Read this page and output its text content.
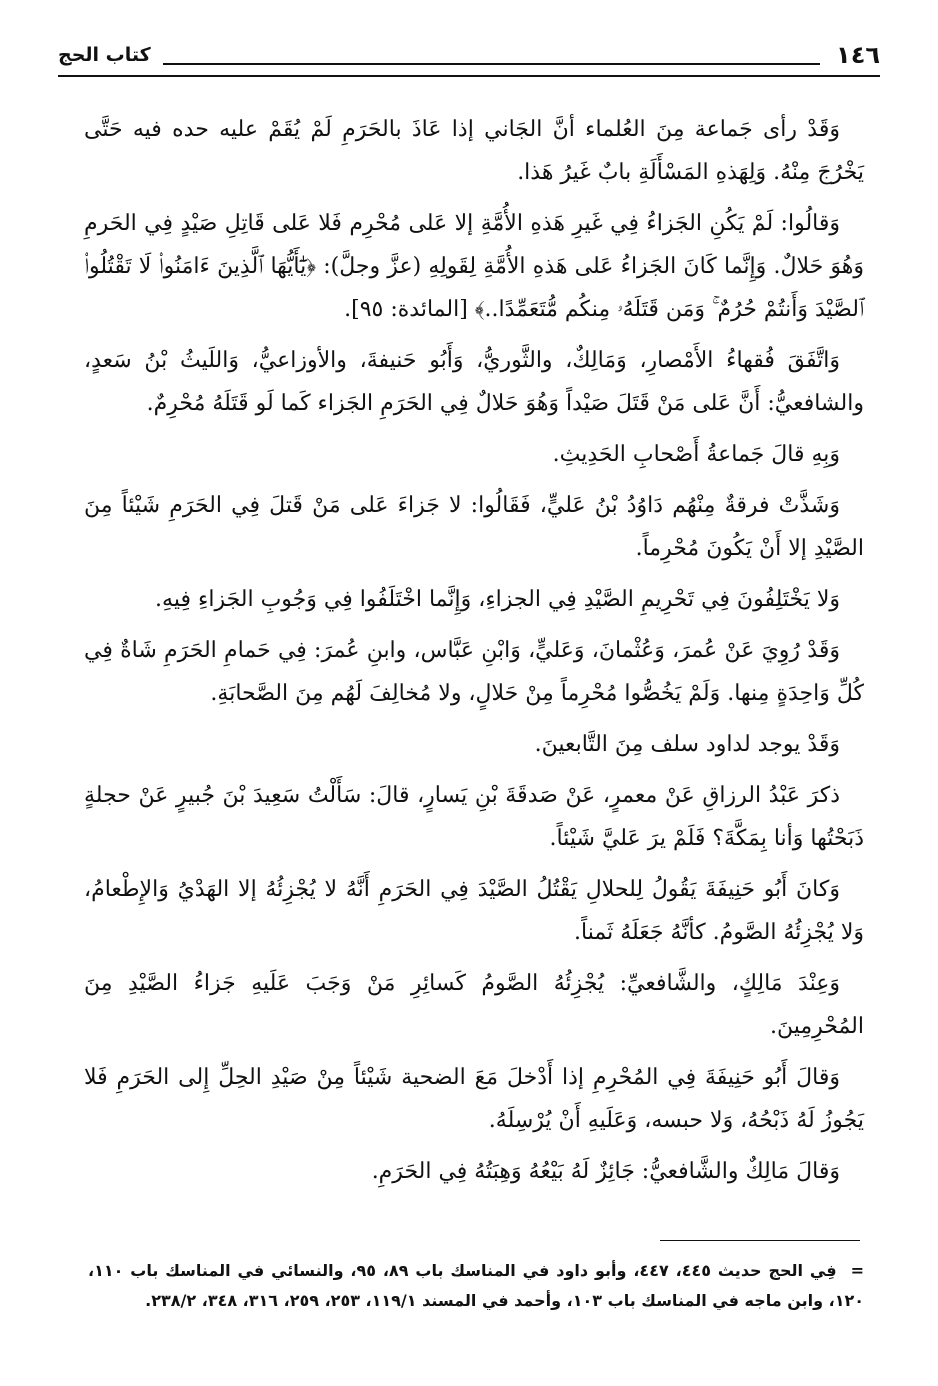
١٤٦
كتاب الحج

وَقَدْ رأى جَماعة مِنَ العُلماء أنَّ الجَاني إذا عَاذَ بالحَرَمِ لَمْ يُقَمْ عليه حده فيه حَتَّى يَخْرُجَ مِنْهُ. وَلِهَذهِ المَسْأَلَةِ بابٌ غَيرُ هَذا.

وَقالُوا: لَمْ يَكُنِ الجَزاءُ فِي غَيرِ هَذهِ الأُمَّةِ إلا عَلى مُحْرِم فَلا عَلى قَاتِلِ صَيْدٍ فِي الحَرمِ وَهُوَ حَلالٌ. وَإِنَّما كَانَ الجَزاءُ عَلى هَذهِ الأُمَّةِ لِقَولِهِ (عزَّ وجلَّ): ﴿يَٰٓأَيُّهَا ٱلَّذِينَ ءَامَنُوا۟ لَا تَقْتُلُوا۟ ٱلصَّيْدَ وَأَنتُمْ حُرُمٌ ۚ وَمَن قَتَلَهُۥ مِنكُم مُّتَعَمِّدًا..﴾ [المائدة: ٩٥].

وَاتَّفَقَ فُقهاءُ الأَمْصارِ، وَمَالِكٌ، والثَّوريُّ، وَأَبُو حَنيفةَ، والأوزاعيُّ، وَاللَيثُ بْنُ سَعدٍ، والشافعيُّ: أَنَّ عَلى مَنْ قَتَلَ صَيْداً وَهُوَ حَلالٌ فِي الحَرَمِ الجَزاء كَما لَو قَتَلَهُ مُحْرِمٌ.

وَبِهِ قالَ جَماعةُ أَصْحابِ الحَدِيثِ.

وَشَذَّتْ فرقةٌ مِنْهُم دَاوُدُ بْنُ عَليٍّ، فَقَالُوا: لا جَزاءَ عَلى مَنْ قَتلَ فِي الحَرَمِ شَيْئاً مِنَ الصَّيْدِ إلا أَنْ يَكُونَ مُحْرِماً.

وَلا يَخْتَلِفُونَ فِي تَحْرِيمِ الصَّيْدِ فِي الجزاءِ، وَإِنَّما اخْتَلَفُوا فِي وَجُوبِ الجَزاءِ فِيهِ.

وَقَدْ رُوِيَ عَنْ عُمرَ، وَعُثْمانَ، وَعَليٍّ، وَابْنِ عَبَّاس، وابنِ عُمرَ: فِي حَمامِ الحَرَمِ شَاةٌ فِي كُلِّ وَاحِدَةٍ مِنها. وَلَمْ يَخُصُّوا مُحْرِماً مِنْ حَلالٍ، ولا مُخالِفَ لَهُم مِنَ الصَّحابَةِ.

وَقَدْ يوجد لداود سلف مِنَ التَّابعينَ.

ذكرَ عَبْدُ الرزاقِ عَنْ معمرٍ، عَنْ صَدقَةَ بْنِ يَسارٍ، قالَ: سَأَلْتُ سَعِيدَ بْنَ جُبيرٍ عَنْ حجلةٍ ذَبَحْتُها وَأنا بِمَكَّةَ؟ فَلَمْ يرَ عَليَّ شَيْئاً.

وَكانَ أَبُو حَنِيفَةَ يَقُولُ لِلحلالِ يَقْتُلُ الصَّيْدَ فِي الحَرَمِ أَنَّهُ لا يُجْزِئُهُ إلا الهَدْيُ وَالإِطْعامُ، وَلا يُجْزِئُهُ الصَّومُ. كأنَّهُ جَعَلَهُ ثَمناً.

وَعِنْدَ مَالِكٍ، والشَّافعيِّ: يُجْزِئُهُ الصَّومُ كَسائِرِ مَنْ وَجَبَ عَلَيهِ جَزاءُ الصَّيْدِ مِنَ المُحْرِمِينَ.

وَقالَ أَبُو حَنِيفَةَ فِي المُحْرِمِ إذا أَدْخلَ مَعَ الضحية شَيْئاً مِنْ صَيْدِ الحِلِّ إِلى الحَرَمِ فَلا يَجُوزُ لَهُ ذَبْحُهُ، وَلا حبسه، وَعَلَيهِ أَنْ يُرْسِلَهُ.

وَقالَ مَالِكٌ والشَّافعيُّ: جَائِزٌ لَهُ بَيْعُهُ وَهِبَتُهُ فِي الحَرَمِ.

=فِي الحج حديث ٤٤٥، ٤٤٧، وأبو داود في المناسك باب ٨٩، ٩٥، والنسائي في المناسك باب ١١٠، ١٢٠، وابن ماجه في المناسك باب ١٠٣، وأحمد في المسند ١١٩/١، ٢٥٣، ٢٥٩، ٣١٦، ٣٤٨، ٢٣٨/٢.
